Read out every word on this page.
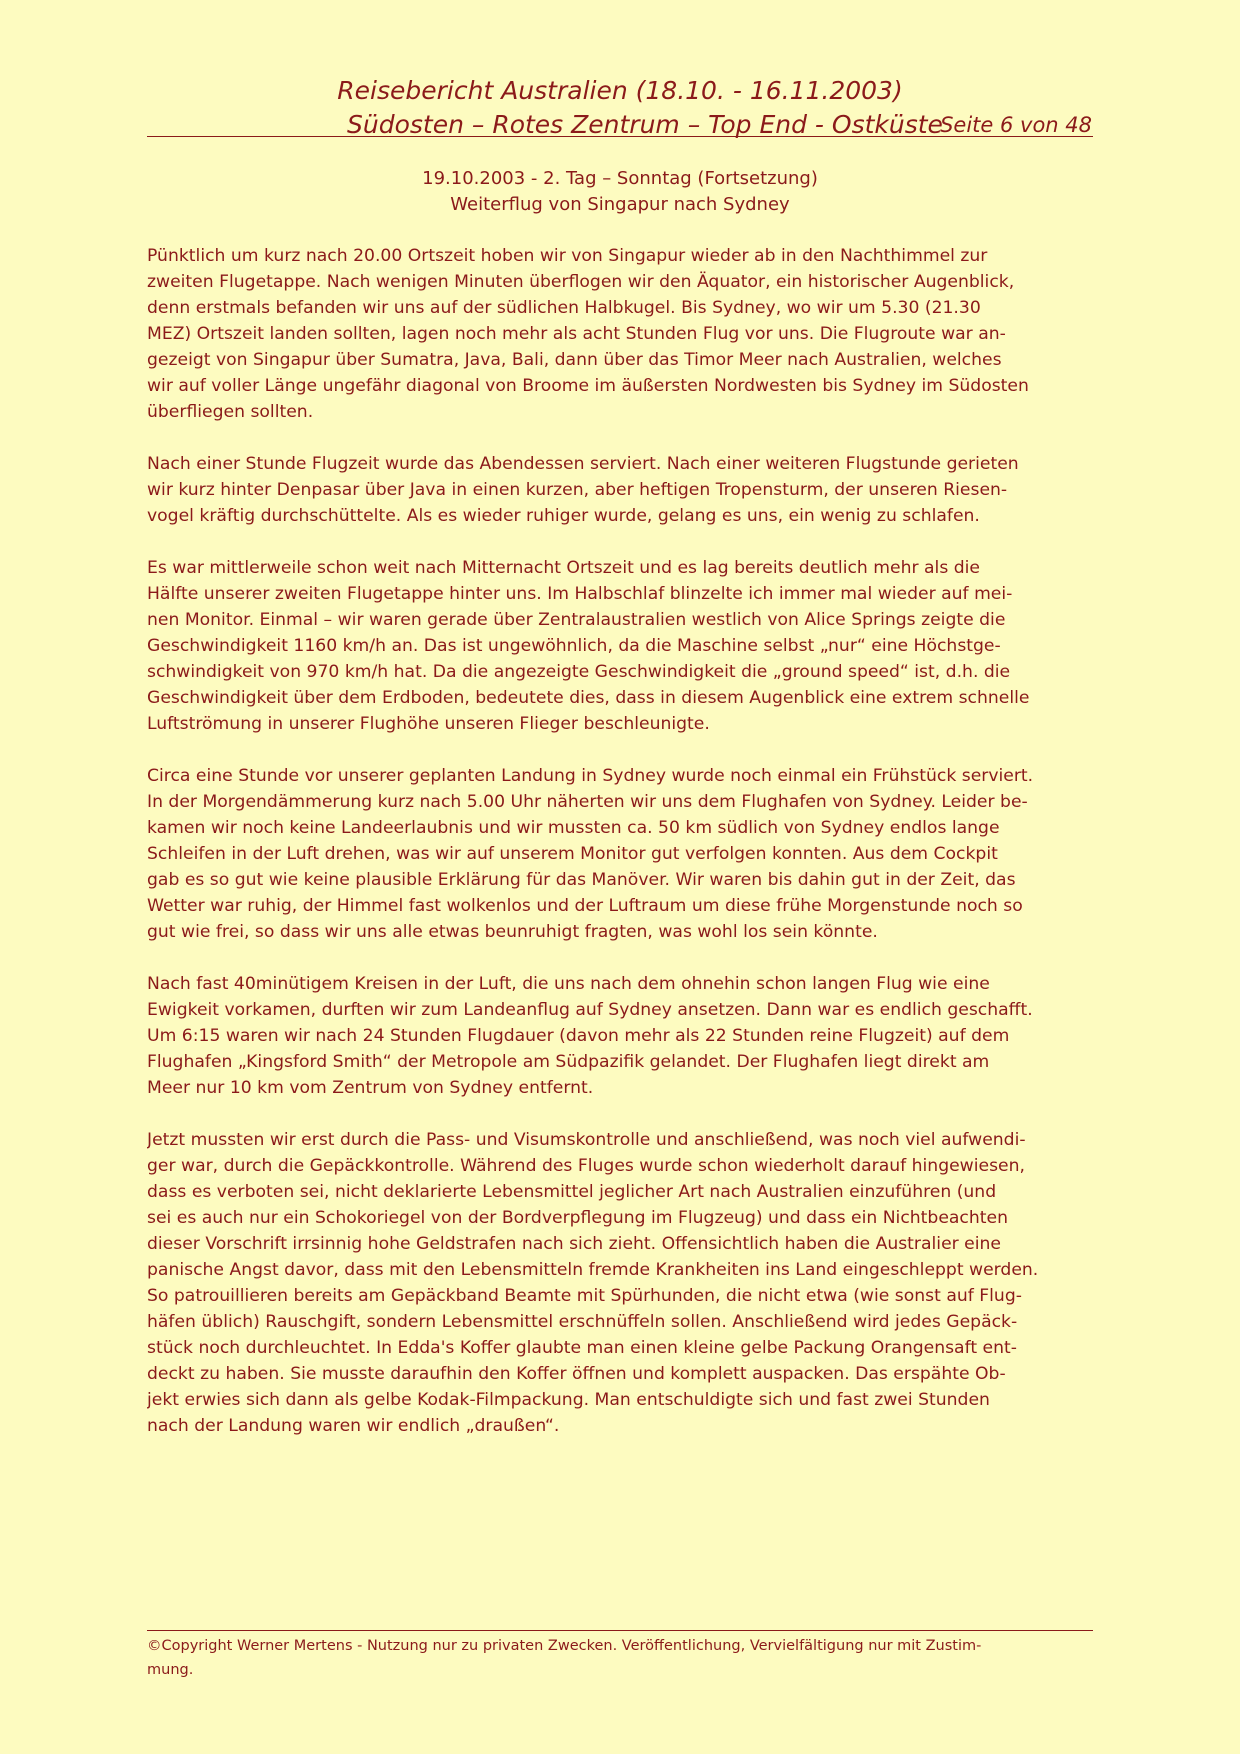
Reisebericht Australien (18.10. - 16.11.2003)
Südosten – Rotes Zentrum – Top End - Ostküste
Seite 6 von 48
19.10.2003 - 2. Tag – Sonntag (Fortsetzung)
Weiterflug von Singapur nach Sydney
Pünktlich um kurz nach 20.00 Ortszeit hoben wir von Singapur wieder ab in den Nachthimmel zur
zweiten Flugetappe. Nach wenigen Minuten überflogen wir den Äquator, ein historischer Augenblick,
denn erstmals befanden wir uns auf der südlichen Halbkugel. Bis Sydney, wo wir um 5.30 (21.30
MEZ) Ortszeit landen sollten, lagen noch mehr als acht Stunden Flug vor uns. Die Flugroute war an-
gezeigt von Singapur über Sumatra, Java, Bali, dann über das Timor Meer nach Australien, welches
wir auf voller Länge ungefähr diagonal von Broome im äußersten Nordwesten bis Sydney im Südosten
überfliegen sollten.
Nach einer Stunde Flugzeit wurde das Abendessen serviert. Nach einer weiteren Flugstunde gerieten
wir kurz hinter Denpasar über Java in einen kurzen, aber heftigen Tropensturm, der unseren Riesen-
vogel kräftig durchschüttelte. Als es wieder ruhiger wurde, gelang es uns, ein wenig zu schlafen.
Es war mittlerweile schon weit nach Mitternacht Ortszeit und es lag bereits deutlich mehr als die
Hälfte unserer zweiten Flugetappe hinter uns. Im Halbschlaf blinzelte ich immer mal wieder auf mei-
nen Monitor. Einmal – wir waren gerade über Zentralaustralien westlich von Alice Springs zeigte die
Geschwindigkeit 1160 km/h an. Das ist ungewöhnlich, da die Maschine selbst „nur“ eine Höchstge-
schwindigkeit von 970 km/h hat. Da die angezeigte Geschwindigkeit die „ground speed“ ist, d.h. die
Geschwindigkeit über dem Erdboden, bedeutete dies, dass in diesem Augenblick eine extrem schnelle
Luftströmung in unserer Flughöhe unseren Flieger beschleunigte.
Circa eine Stunde vor unserer geplanten Landung in Sydney wurde noch einmal ein Frühstück serviert.
In der Morgendämmerung kurz nach 5.00 Uhr näherten wir uns dem Flughafen von Sydney. Leider be-
kamen wir noch keine Landeerlaubnis und wir mussten ca. 50 km südlich von Sydney endlos lange
Schleifen in der Luft drehen, was wir auf unserem Monitor gut verfolgen konnten. Aus dem Cockpit
gab es so gut wie keine plausible Erklärung für das Manöver. Wir waren bis dahin gut in der Zeit, das
Wetter war ruhig, der Himmel fast wolkenlos und der Luftraum um diese frühe Morgenstunde noch so
gut wie frei, so dass wir uns alle etwas beunruhigt fragten, was wohl los sein könnte.
Nach fast 40minütigem Kreisen in der Luft, die uns nach dem ohnehin schon langen Flug wie eine
Ewigkeit vorkamen, durften wir zum Landeanflug auf Sydney ansetzen. Dann war es endlich geschafft.
Um 6:15 waren wir nach 24 Stunden Flugdauer (davon mehr als 22 Stunden reine Flugzeit) auf dem
Flughafen „Kingsford Smith“ der Metropole am Südpazifik gelandet. Der Flughafen liegt direkt am
Meer nur 10 km vom Zentrum von Sydney entfernt.
Jetzt mussten wir erst durch die Pass- und Visumskontrolle und anschließend, was noch viel aufwendi-
ger war, durch die Gepäckkontrolle. Während des Fluges wurde schon wiederholt darauf hingewiesen,
dass es verboten sei, nicht deklarierte Lebensmittel jeglicher Art nach Australien einzuführen (und
sei es auch nur ein Schokoriegel von der Bordverpflegung im Flugzeug) und dass ein Nichtbeachten
dieser Vorschrift irrsinnig hohe Geldstrafen nach sich zieht. Offensichtlich haben die Australier eine
panische Angst davor, dass mit den Lebensmitteln fremde Krankheiten ins Land eingeschleppt werden.
So patrouillieren bereits am Gepäckband Beamte mit Spürhunden, die nicht etwa (wie sonst auf Flug-
häfen üblich) Rauschgift, sondern Lebensmittel erschnüffeln sollen. Anschließend wird jedes Gepäck-
stück noch durchleuchtet. In Edda's Koffer glaubte man einen kleine gelbe Packung Orangensaft ent-
deckt zu haben. Sie musste daraufhin den Koffer öffnen und komplett auspacken. Das erspähte Ob-
jekt erwies sich dann als gelbe Kodak-Filmpackung. Man entschuldigte sich und fast zwei Stunden
nach der Landung waren wir endlich „draußen“.
©Copyright Werner Mertens - Nutzung nur zu privaten Zwecken. Veröffentlichung, Vervielfältigung nur mit Zustim-
mung.
